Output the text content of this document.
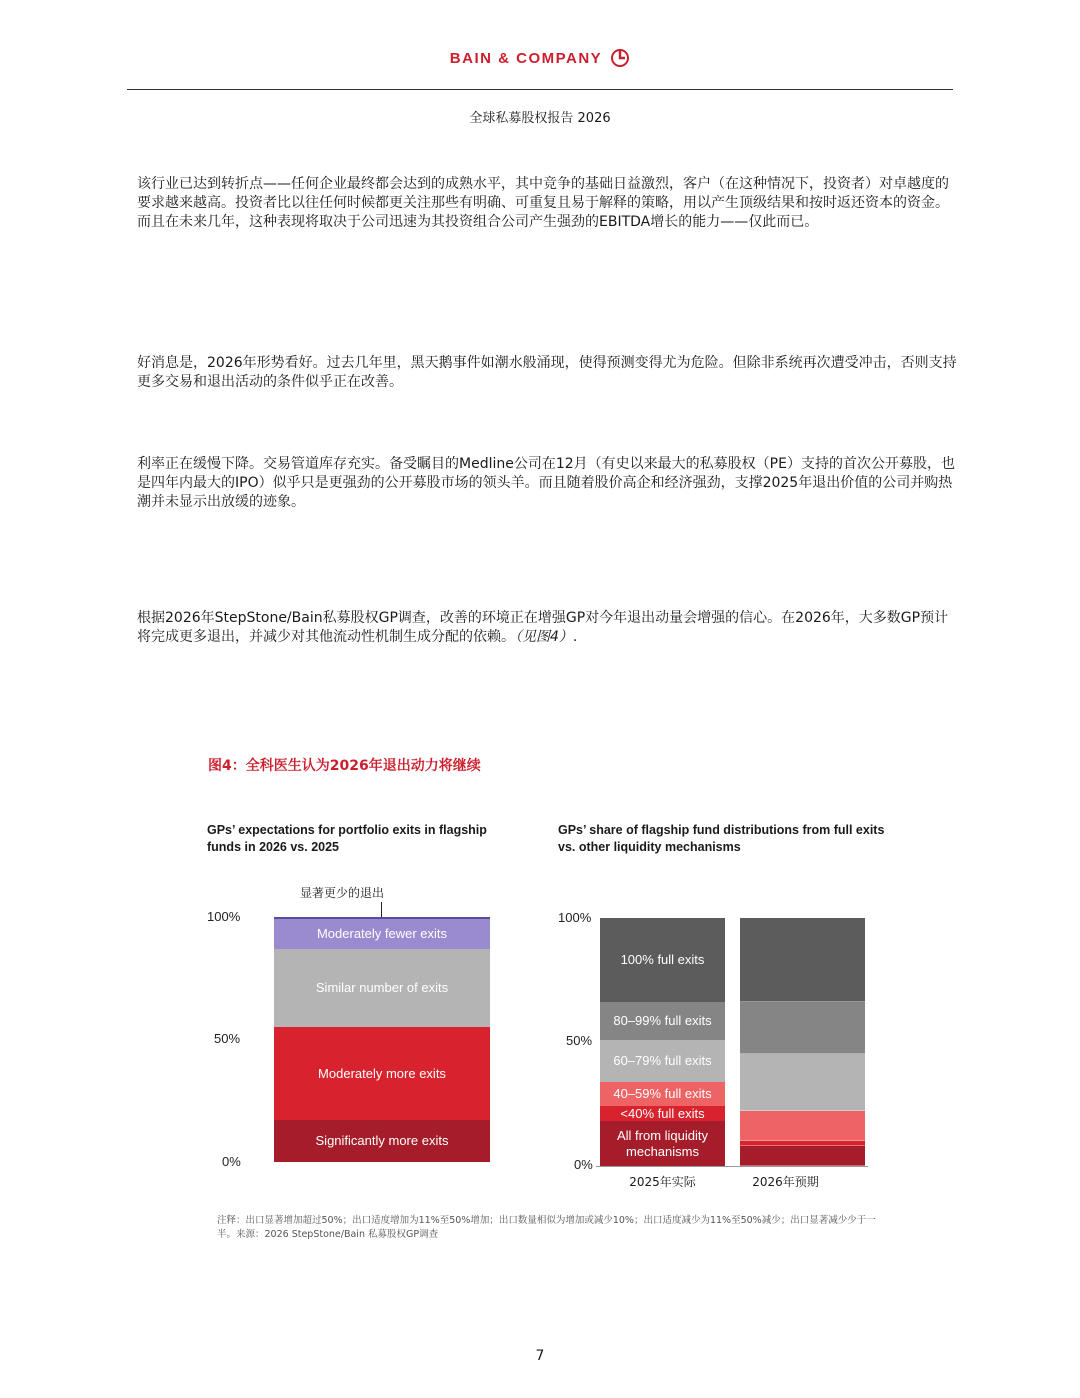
BAIN & COMPANY
全球私募股权报告 2026

该行业已达到转折点——任何企业最终都会达到的成熟水平，其中竞争的基础日益激烈，客户（在这种情况下，投资者）对卓越度的要求越来越高。投资者比以往任何时候都更关注那些有明确、可重复且易于解释的策略，用以产生顶级结果和按时返还资本的资金。而且在未来几年，这种表现将取决于公司迅速为其投资组合公司产生强劲的EBITDA增长的能力——仅此而已。

好消息是，2026年形势看好。过去几年里，黑天鹅事件如潮水般涌现，使得预测变得尤为危险。但除非系统再次遭受冲击，否则支持更多交易和退出活动的条件似乎正在改善。

利率正在缓慢下降。交易管道库存充实。备受瞩目的Medline公司在12月（有史以来最大的私募股权（PE）支持的首次公开募股，也是四年内最大的IPO）似乎只是更强劲的公开募股市场的领头羊。而且随着股价高企和经济强劲，支撑2025年退出价值的公司并购热潮并未显示出放缓的迹象。

根据2026年StepStone/Bain私募股权GP调查，改善的环境正在增强GP对今年退出动量会增强的信心。在2026年，大多数GP预计将完成更多退出，并减少对其他流动性机制生成分配的依赖。（见图4）.

图4：全科医生认为2026年退出动力将继续
GPs’ expectations for portfolio exits in flagship funds in 2026 vs. 2025
100%
50%
0%
显著更少的退出
Moderately fewer exits
Similar number of exits
Moderately more exits
Significantly more exits
GPs’ share of flagship fund distributions from full exits vs. other liquidity mechanisms
100%
50%
0%
100% full exits
80–99% full exits
60–79% full exits
40–59% full exits
<40% full exits
All from liquidity mechanisms
2025年实际	2026年预期
注释：出口显著增加超过50%；出口适度增加为11%至50%增加；出口数量相似为增加或减少10%；出口适度减少为11%至50%减少；出口显著减少少于一半。来源：2026 StepStone/Bain 私募股权GP调查
7
